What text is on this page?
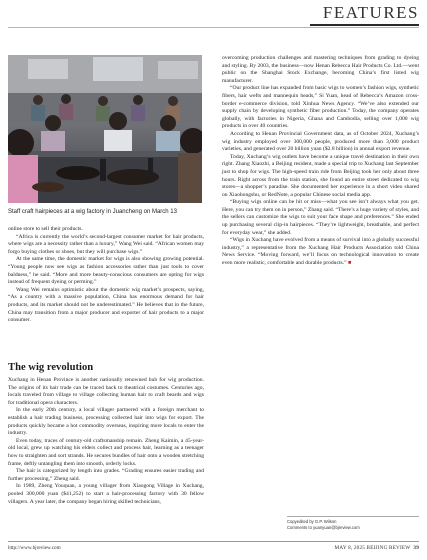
FEATURES
Staff craft hairpieces at a wig factory in Juancheng on March 13

online store to sell their products.

“Africa is currently the world’s second-largest consumer market for hair products, where wigs are a necessity rather than a luxury,” Wang Wei said. “African women may forgo buying clothes or shoes, but they will purchase wigs.”

At the same time, the domestic market for wigs is also showing growing potential. “Young people now see wigs as fashion accessories rather than just tools to cover baldness,” he said. “More and more beauty-conscious consumers are opting for wigs instead of frequent dyeing or perming.”

Wang Wei remains optimistic about the domestic wig market’s prospects, saying, “As a country with a massive population, China has enormous demand for hair products, and its market should not be underestimated.” He believes that in the future, China may transition from a major producer and exporter of hair products to a major consumer.

The wig revolution

Xuchang in Henan Province is another nationally renowned hub for wig production. The origins of its hair trade can be traced back to theatrical costumes. Centuries ago, locals traveled from village to village collecting human hair to craft beards and wigs for traditional opera characters.

In the early 20th century, a local villager partnered with a foreign merchant to establish a hair trading business, processing collected hair into wigs for export. The products quickly became a hot commodity overseas, inspiring more locals to enter the industry.

Even today, traces of century-old craftsmanship remain. Zheng Kaimin, a 45-year-old local, grew up watching his elders collect and process hair, learning as a teenager how to straighten and sort strands. He secures bundles of hair onto a wooden stretching frame, deftly untangling them into smooth, orderly locks.

The hair is categorized by length into grades. “Grading ensures easier trading and further processing,” Zheng said.

In 1989, Zheng Youquan, a young villager from Xiaogong Village in Xuchang, pooled 300,000 yuan ($41,252) to start a hair-processing factory with 30 fellow villagers. A year later, the company began hiring skilled technicians,

overcoming production challenges and mastering techniques from grading to dyeing and styling. By 2003, the business—now Henan Rebecca Hair Products Co. Ltd.—went public on the Shanghai Stock Exchange, becoming China’s first listed wig manufacturer.

“Our product line has expanded from basic wigs to women’s fashion wigs, synthetic fibers, hair wefts and mannequin heads,” Si Yuan, head of Rebecca’s Amazon cross-border e-commerce division, told Xinhua News Agency. “We’ve also extended our supply chain by developing synthetic fiber production.” Today, the company operates globally, with factories in Nigeria, Ghana and Cambodia, selling over 1,000 wig products in over 40 countries.

According to Henan Provincial Government data, as of October 2024, Xuchang’s wig industry employed over 300,000 people, produced more than 3,000 product varieties, and generated over 20 billion yuan ($2.8 billion) in annual export revenue.

Today, Xuchang’s wig outlets have become a unique travel destination in their own right. Zhang Xiaozhi, a Beijing resident, made a special trip to Xuchang last September just to shop for wigs. The high-speed train ride from Beijing took her only about three hours. Right across from the train station, she found an entire street dedicated to wig stores—a shopper’s paradise. She documented her experience in a short video shared on Xiaohongshu, or RedNote, a popular Chinese social media app.

“Buying wigs online can be hit or miss—what you see isn’t always what you get. Here, you can try them on in person,” Zhang said. “There’s a huge variety of styles, and the sellers can customize the wigs to suit your face shape and preferences.” She ended up purchasing several clip-in hairpieces. “They’re lightweight, breathable, and perfect for everyday wear,” she added.

“Wigs in Xuchang have evolved from a means of survival into a globally successful industry,” a representative from the Xuchang Hair Products Association told China News Service. “Moving forward, we’ll focus on technological innovation to create even more realistic, comfortable and durable products.” ■

Copyedited by G.P. Wilson
Comments to yuanyuan@bjreview.com
http://www.bjreview.com	MAY 8, 2025 BEIJING REVIEW 39
